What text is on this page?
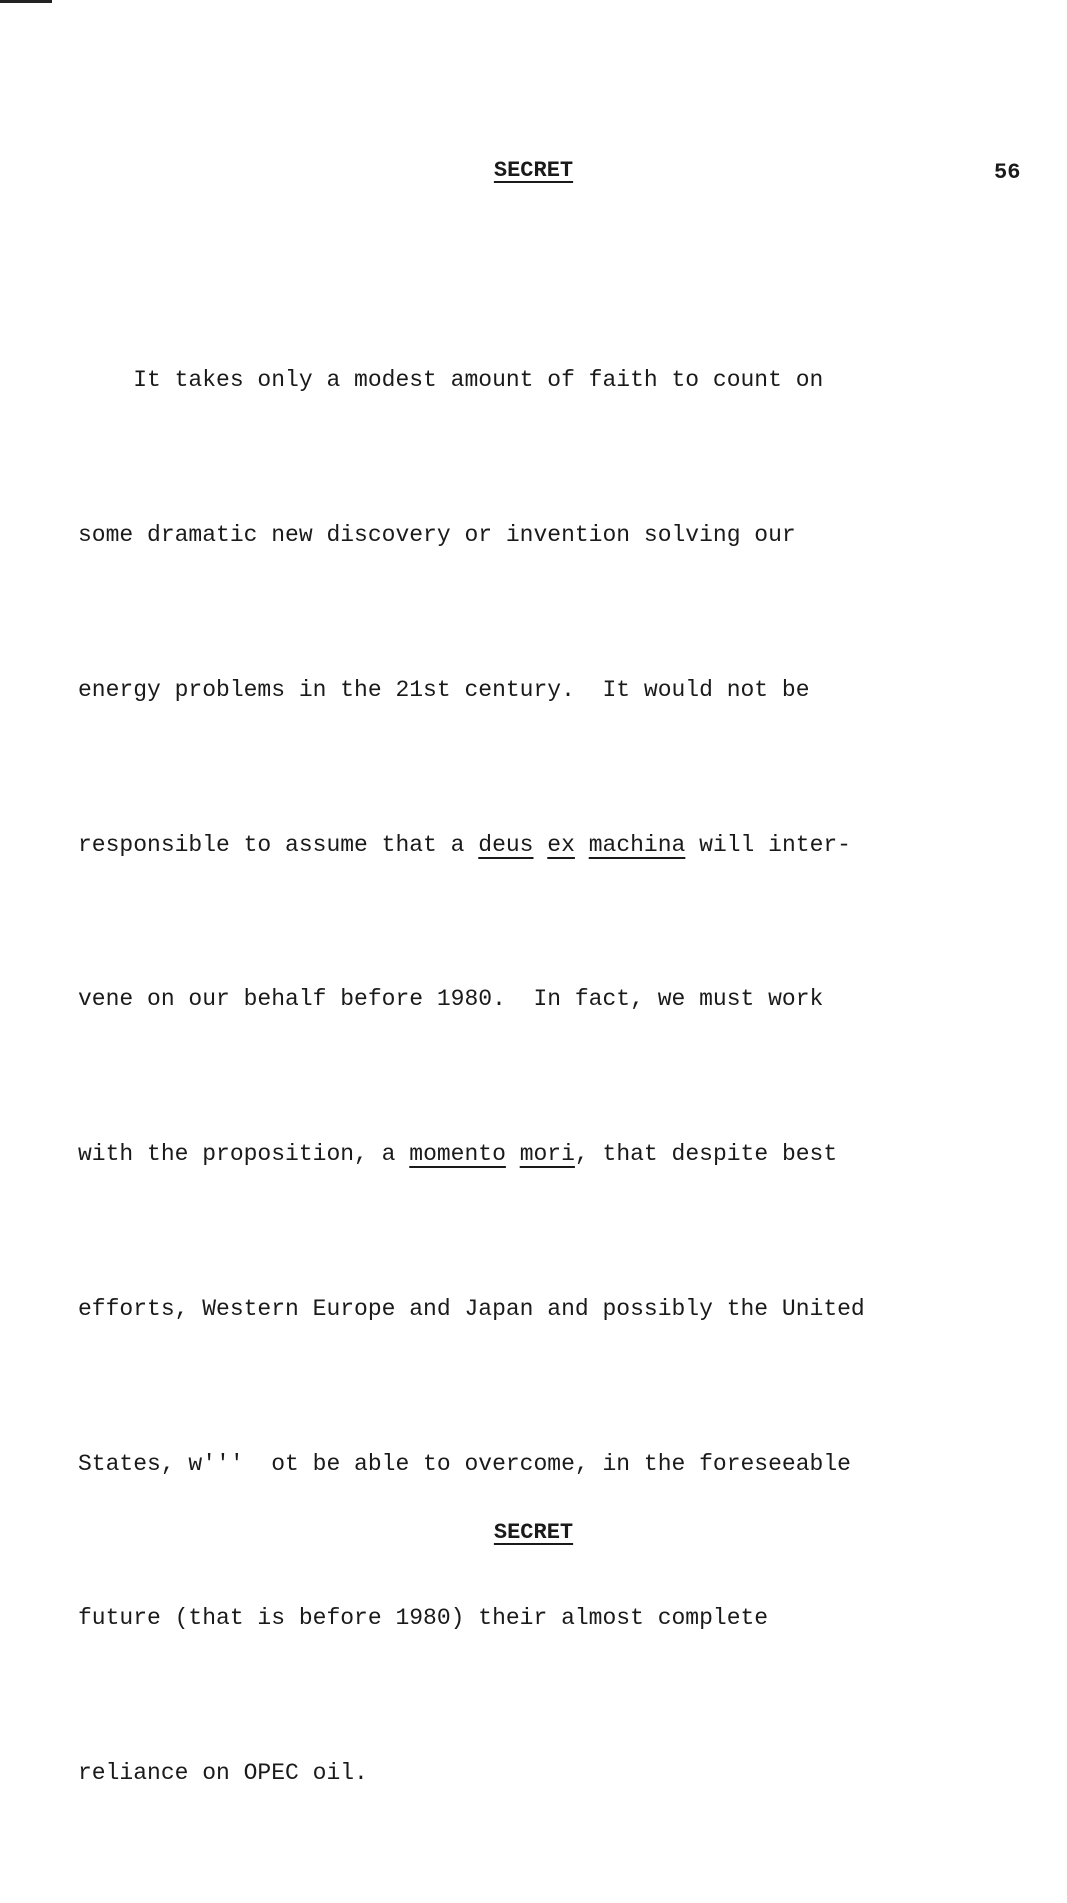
SECRET	56

It takes only a modest amount of faith to count on

some dramatic new discovery or invention solving our

energy problems in the 21st century.  It would not be

responsible to assume that a deus ex machina will inter-

vene on our behalf before 1980.  In fact, we must work

with the proposition, a momento mori, that despite best

efforts, Western Europe and Japan and possibly the United

States, w'''  ot be able to overcome, in the foreseeable

future (that is before 1980) their almost complete

reliance on OPEC oil.

SECRET
